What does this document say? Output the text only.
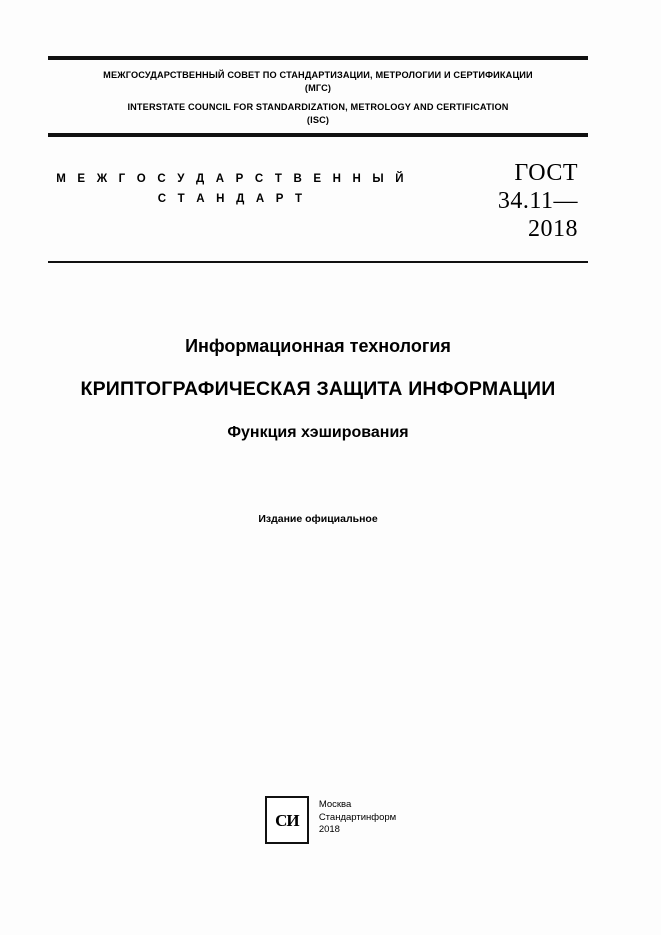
МЕЖГОСУДАРСТВЕННЫЙ СОВЕТ ПО СТАНДАРТИЗАЦИИ, МЕТРОЛОГИИ И СЕРТИФИКАЦИИ
(МГС)
INTERSTATE COUNCIL FOR STANDARDIZATION, METROLOGY AND CERTIFICATION
(ISC)
М Е Ж Г О С У Д А Р С Т В Е Н Н Ы Й
С Т А Н Д А Р Т
ГОСТ
34.11—
2018
Информационная технология
КРИПТОГРАФИЧЕСКАЯ ЗАЩИТА ИНФОРМАЦИИ
Функция хэширования
Издание официальное
СИ
Москва
Стандартинформ
2018
